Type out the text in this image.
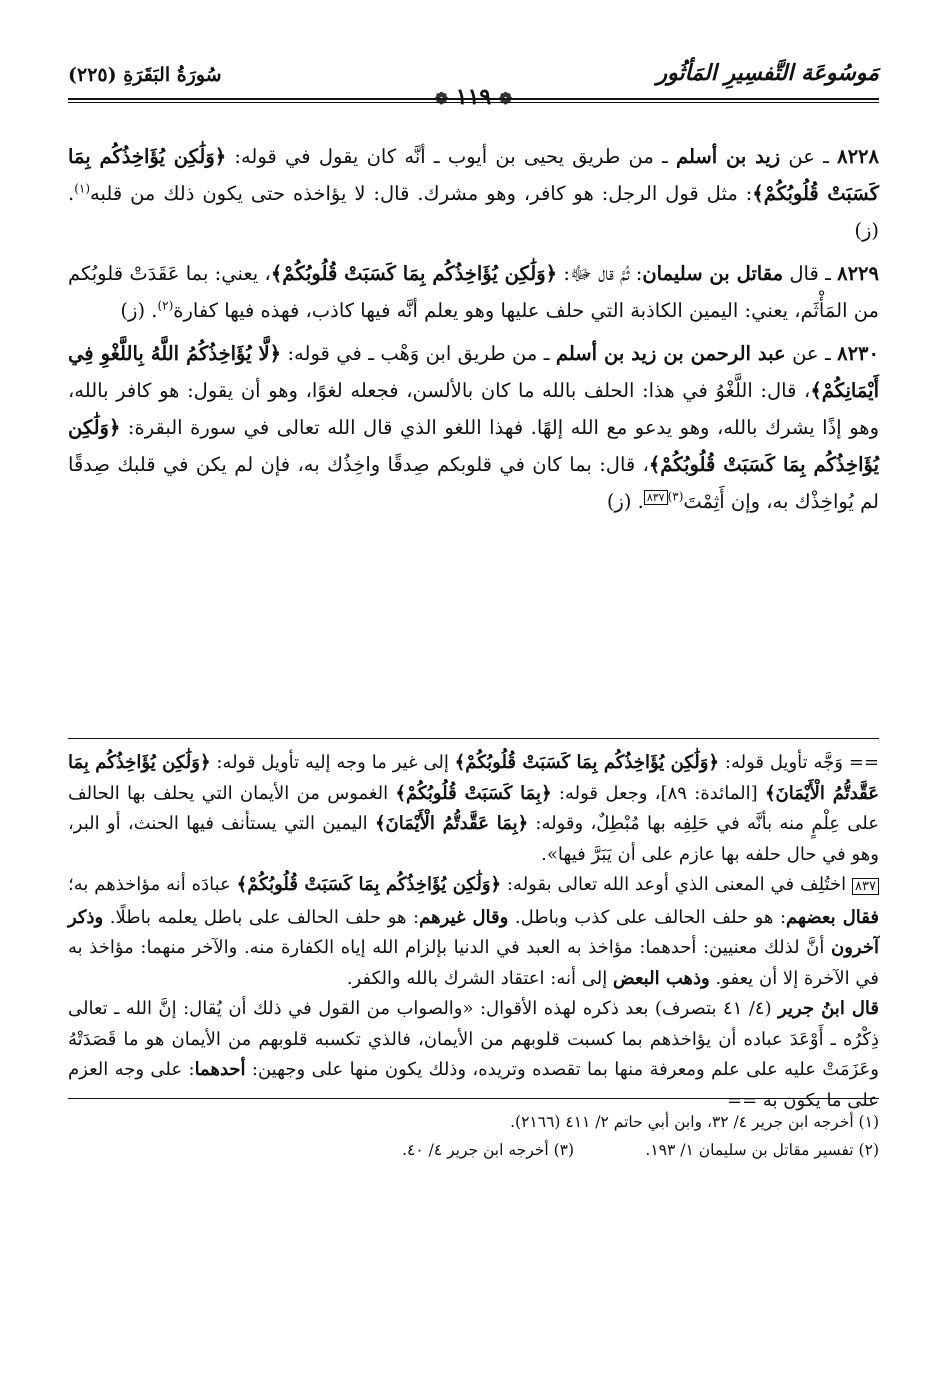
مَوسُوعَة التَّفسِيرِ المَأثُور
❁ ١١٩ ❁
سُورَةُ البَقَرَةِ (٢٢٥)

٨٢٢٨ ـ عن زيد بن أسلم ـ من طريق يحيى بن أيوب ـ أنَّه كان يقول في قوله: ﴿وَلَٰكِن يُؤَاخِذُكُم بِمَا كَسَبَتْ قُلُوبُكُمْ﴾: مثل قول الرجل: هو كافر، وهو مشرك. قال: لا يؤاخذه حتى يكون ذلك من قلبه$^{(١)}$. (ز)

٨٢٢٩ ـ قال مقاتل بن سليمان: ثُمَّ قال ﷻ: ﴿وَلَٰكِن يُؤَاخِذُكُم بِمَا كَسَبَتْ قُلُوبُكُمْ﴾، يعني: بما عَقَدَتْ قلوبُكم من المَأْثَم، يعني: اليمين الكاذبة التي حلف عليها وهو يعلم أنَّه فيها كاذب، فهذه فيها كفارة$^{(٢)}$. (ز)

٨٢٣٠ ـ عن عبد الرحمن بن زيد بن أسلم ـ من طريق ابن وَهْب ـ في قوله: ﴿لَّا يُؤَاخِذُكُمُ اللَّهُ بِاللَّغْوِ فِي أَيْمَانِكُمْ﴾، قال: اللَّغْوُ في هذا: الحلف بالله ما كان بالألسن، فجعله لغوًا، وهو أن يقول: هو كافر بالله، وهو إذًا يشرك بالله، وهو يدعو مع الله إلهًا. فهذا اللغو الذي قال الله تعالى في سورة البقرة: ﴿وَلَٰكِن يُؤَاخِذُكُم بِمَا كَسَبَتْ قُلُوبُكُمْ﴾، قال: بما كان في قلوبكم صِدقًا واخِذُك به، فإن لم يكن في قلبك صِدقًا لم يُواخِذْك به، وإن أَثِمْتَ$^{(٣)٨٣٧}$. (ز)

== وَجَّه تأويل قوله: ﴿وَلَٰكِن يُؤَاخِذُكُم بِمَا كَسَبَتْ قُلُوبُكُمْ﴾ إلى غير ما وجه إليه تأويل قوله: ﴿وَلَٰكِن يُؤَاخِذُكُم بِمَا عَقَّدتُّمُ الْأَيْمَانَ﴾ [المائدة: ٨٩]، وجعل قوله: ﴿بِمَا كَسَبَتْ قُلُوبُكُمْ﴾ الغموس من الأيمان التي يحلف بها الحالف على عِلْمٍ منه بأنَّه في حَلِفِه بها مُبْطِلٌ، وقوله: ﴿بِمَا عَقَّدتُّمُ الْأَيْمَانَ﴾ اليمين التي يستأنف فيها الحنث، أو البر، وهو في حال حلفه بها عازم على أن يَبَرَّ فيها».

٨٣٧ اختُلِف في المعنى الذي أوعد الله تعالى بقوله: ﴿وَلَٰكِن يُؤَاخِذُكُم بِمَا كَسَبَتْ قُلُوبُكُمْ﴾ عبادَه أنه مؤاخذهم به؛ فقال بعضهم: هو حلف الحالف على كذب وباطل. وقال غيرهم: هو حلف الحالف على باطل يعلمه باطلًا. وذكر آخرون أنَّ لذلك معنيين: أحدهما: مؤاخذ به العبد في الدنيا بإلزام الله إياه الكفارة منه. والآخر منهما: مؤاخذ به في الآخرة إلا أن يعفو. وذهب البعض إلى أنه: اعتقاد الشرك بالله والكفر.

قال ابنُ جرير (٤/ ٤١ بتصرف) بعد ذكره لهذه الأقوال: «والصواب من القول في ذلك أن يُقال: إنَّ الله ـ تعالى ذِكْرُه ـ أَوْعَدَ عباده أن يؤاخذهم بما كسبت قلوبهم من الأيمان، فالذي تكسبه قلوبهم من الأيمان هو ما قَصَدَتْهُ وعَزَمَتْ عليه على علم ومعرفة منها بما تقصده وتريده، وذلك يكون منها على وجهين: أحدهما: على وجه العزم على ما يكون به ==

(١) أخرجه ابن جرير ٤/ ٣٢، وابن أبي حاتم ٢/ ٤١١ (٢١٦٦).

(٢) تفسير مقاتل بن سليمان ١/ ١٩٣. (٣) أخرجه ابن جرير ٤/ ٤٠.
